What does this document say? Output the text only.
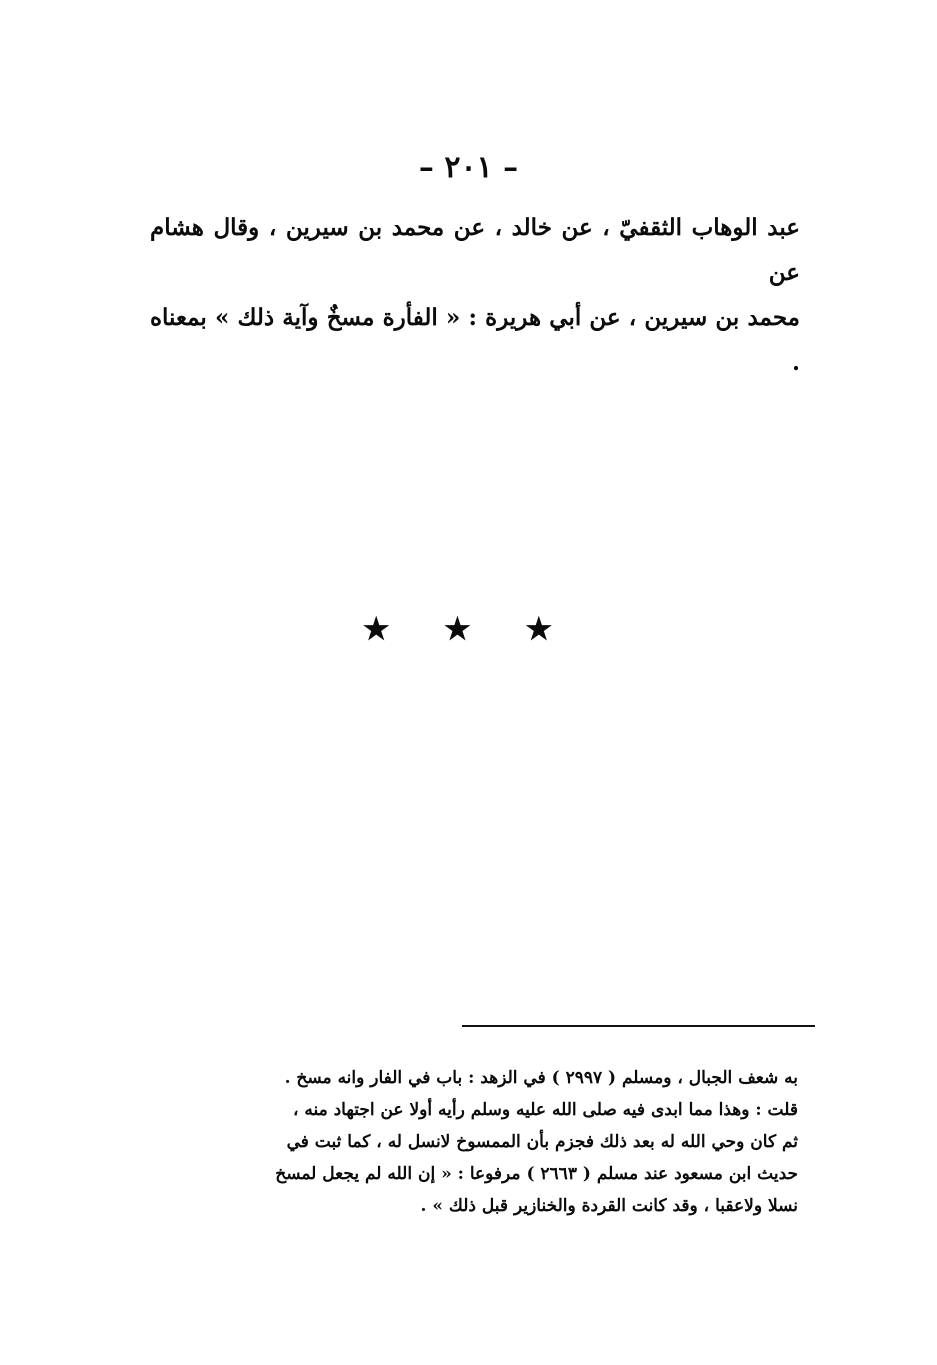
– ٢٠١ –

عبد الوهاب الثقفيّ ، عن خالد ، عن محمد بن سيرين ، وقال هشام عن

محمد بن سيرين ، عن أبي هريرة : « الفأرة مسخٌ وآية ذلك » بمعناه .

★ ★ ★

به شعف الجبال ، ومسلم ( ٢٩٩٧ ) في الزهد : باب في الفار وانه مسخ .

قلت : وهذا مما ابدى فيه صلى الله عليه وسلم رأيه أولا عن اجتهاد منه ،

ثم كان وحي الله له بعد ذلك فجزم بأن الممسوخ لانسل له ، كما ثبت في

حديث ابن مسعود عند مسلم ( ٢٦٦٣ ) مرفوعا : « إن الله لم يجعل لمسخ

نسلا ولاعقبا ، وقد كانت القردة والخنازير قبل ذلك » .
